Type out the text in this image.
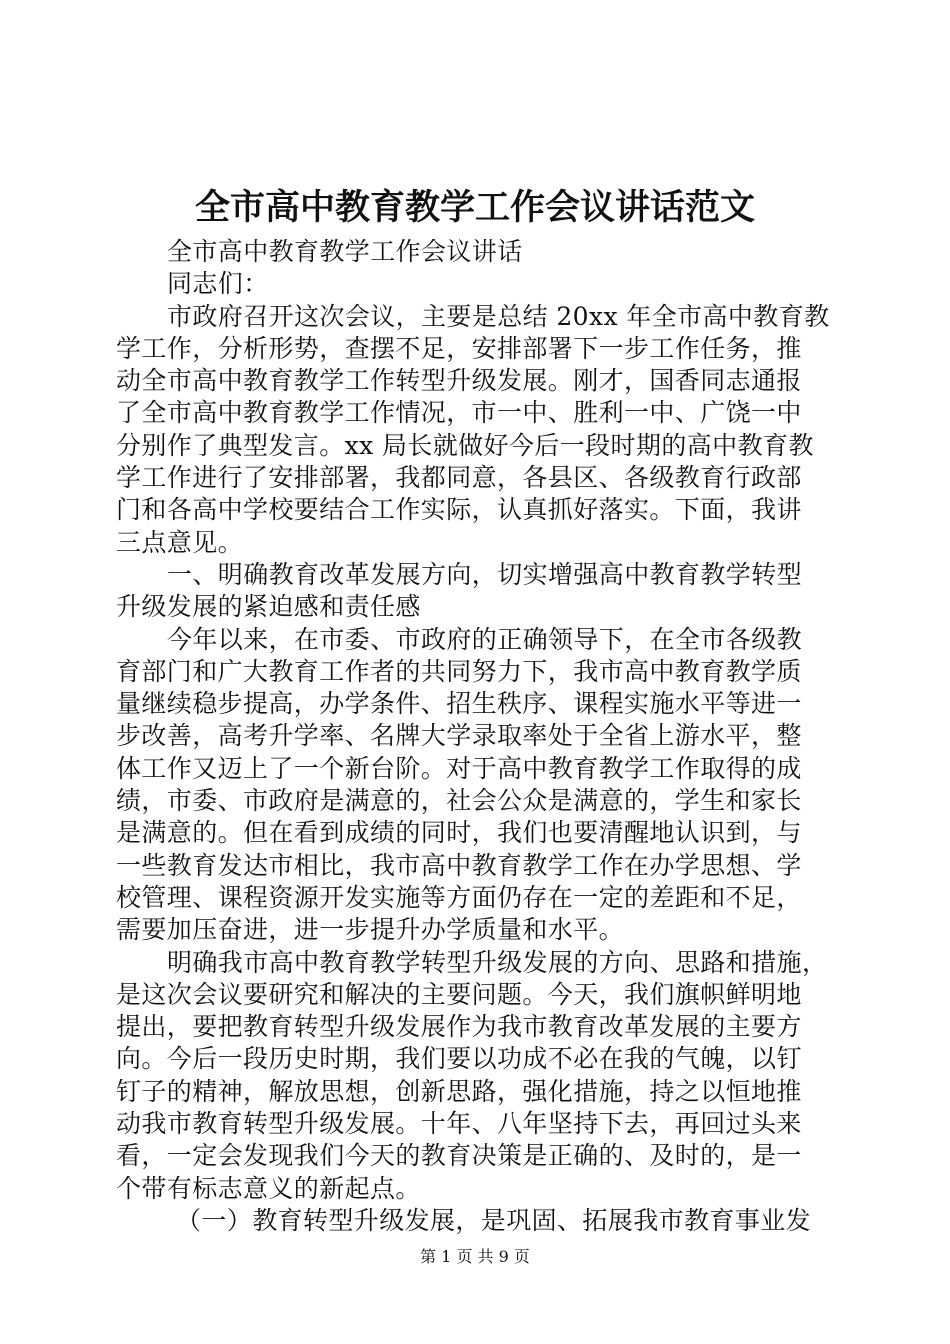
全市高中教育教学工作会议讲话范文
全市高中教育教学工作会议讲话
同志们：
市政府召开这次会议，主要是总结 20xx 年全市高中教育教
学工作，分析形势，查摆不足，安排部署下一步工作任务，推
动全市高中教育教学工作转型升级发展。刚才，国香同志通报
了全市高中教育教学工作情况，市一中、胜利一中、广饶一中
分别作了典型发言。xx 局长就做好今后一段时期的高中教育教
学工作进行了安排部署，我都同意，各县区、各级教育行政部
门和各高中学校要结合工作实际，认真抓好落实。下面，我讲
三点意见。
一、明确教育改革发展方向，切实增强高中教育教学转型
升级发展的紧迫感和责任感
今年以来，在市委、市政府的正确领导下，在全市各级教
育部门和广大教育工作者的共同努力下，我市高中教育教学质
量继续稳步提高，办学条件、招生秩序、课程实施水平等进一
步改善，高考升学率、名牌大学录取率处于全省上游水平，整
体工作又迈上了一个新台阶。对于高中教育教学工作取得的成
绩，市委、市政府是满意的，社会公众是满意的，学生和家长
是满意的。但在看到成绩的同时，我们也要清醒地认识到，与
一些教育发达市相比，我市高中教育教学工作在办学思想、学
校管理、课程资源开发实施等方面仍存在一定的差距和不足，
需要加压奋进，进一步提升办学质量和水平。
明确我市高中教育教学转型升级发展的方向、思路和措施，
是这次会议要研究和解决的主要问题。今天，我们旗帜鲜明地
提出，要把教育转型升级发展作为我市教育改革发展的主要方
向。今后一段历史时期，我们要以功成不必在我的气魄，以钉
钉子的精神，解放思想，创新思路，强化措施，持之以恒地推
动我市教育转型升级发展。十年、八年坚持下去，再回过头来
看，一定会发现我们今天的教育决策是正确的、及时的，是一
个带有标志意义的新起点。
（一）教育转型升级发展，是巩固、拓展我市教育事业发
第 1 页 共 9 页
